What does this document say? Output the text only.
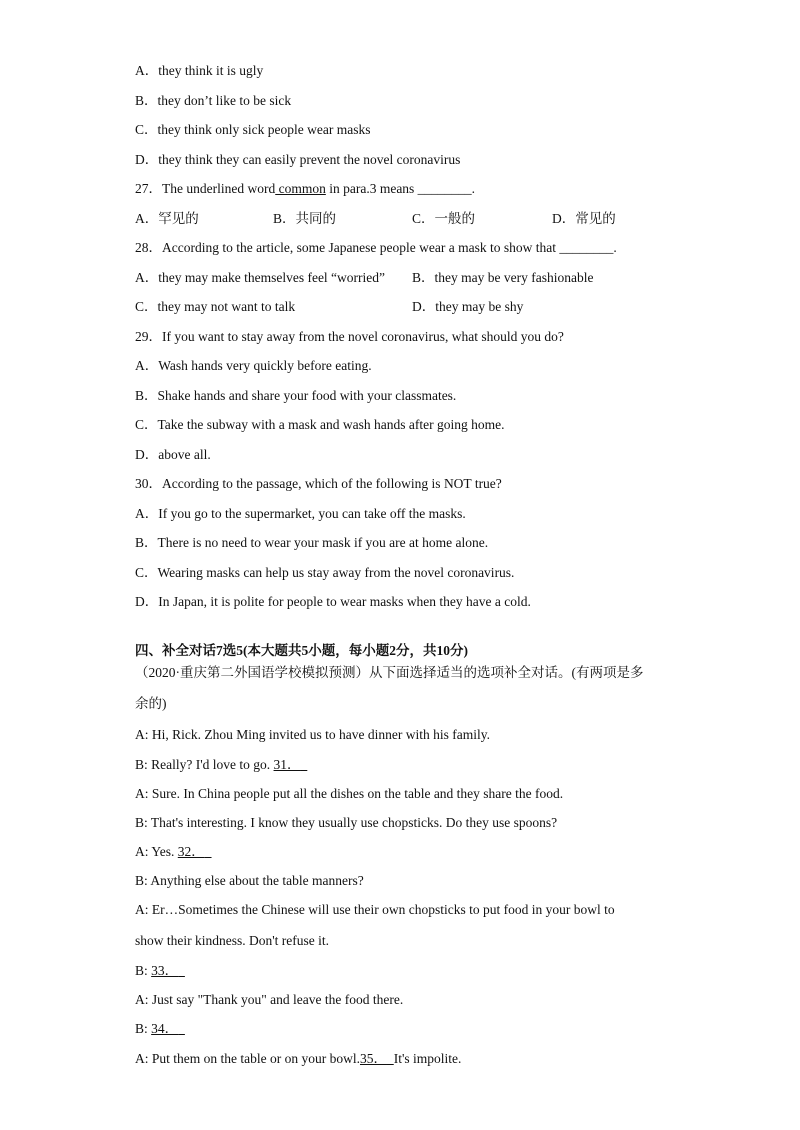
A．they think it is ugly
B．they don’t like to be sick
C．they think only sick people wear masks
D．they think they can easily prevent the novel coronavirus
27．The underlined word common in para.3 means ________.
A．罕见的	B．共同的	C．一般的	D．常见的
28．According to the article, some Japanese people wear a mask to show that ________.
A．they may make themselves feel “worried” B．they may be very fashionable
C．they may not want to talk	D．they may be shy
29．If you want to stay away from the novel coronavirus, what should you do?
A．Wash hands very quickly before eating.
B．Shake hands and share your food with your classmates.
C．Take the subway with a mask and wash hands after going home.
D．above all.
30．According to the passage, which of the following is NOT true?
A．If you go to the supermarket, you can take off the masks.
B．There is no need to wear your mask if you are at home alone.
C．Wearing masks can help us stay away from the novel coronavirus.
D．In Japan, it is polite for people to wear masks when they have a cold.
四、补全对话7选5(本大题共5小题，每小题2分，共10分)
（2020·重庆第二外国语学校模拟预测）从下面选择适当的选项补全对话。(有两项是多
余的)
A: Hi, Rick. Zhou Ming invited us to have dinner with his family.
B: Really? I'd love to go. 31．
A: Sure. In China people put all the dishes on the table and they share the food.
B: That's interesting. I know they usually use chopsticks. Do they use spoons?
A: Yes. 32．
B: Anything else about the table manners?
A: Er…Sometimes the Chinese will use their own chopsticks to put food in your bowl to
show their kindness. Don't refuse it.
B: 33．
A: Just say "Thank you" and leave the food there.
B: 34．
A: Put them on the table or on your bowl.35． It's impolite.
